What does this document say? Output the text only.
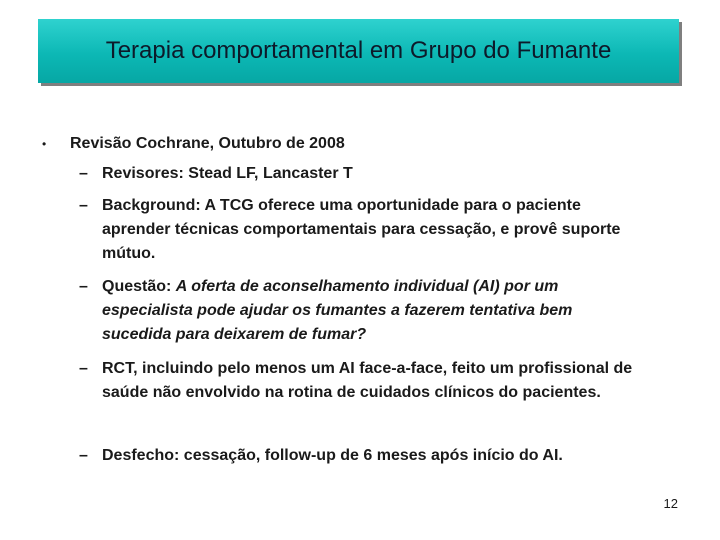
Terapia comportamental em Grupo do Fumante
• Revisão Cochrane, Outubro de 2008
– Revisores: Stead LF, Lancaster T
– Background: A TCG oferece uma oportunidade para o paciente aprender técnicas comportamentais para cessação, e provê suporte mútuo.
– Questão: A oferta de aconselhamento individual (AI) por um especialista pode ajudar os fumantes a fazerem tentativa bem sucedida para deixarem de fumar?
– RCT, incluindo pelo menos um AI face-a-face, feito um profissional de saúde não envolvido na rotina de cuidados clínicos do pacientes.
– Desfecho: cessação, follow-up de 6 meses após início do AI.
12
